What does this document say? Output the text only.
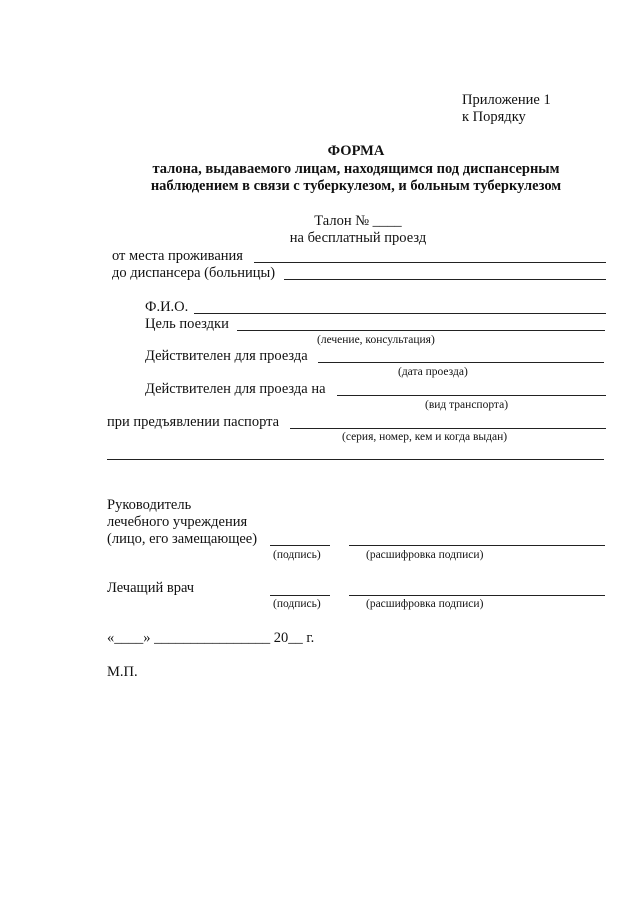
Приложение 1
к Порядку
ФОРМА
талона, выдаваемого лицам, находящимся под диспансерным
наблюдением в связи с туберкулезом, и больным туберкулезом
Талон № ____
на бесплатный проезд
от места проживания
до диспансера (больницы)
Ф.И.О.
Цель поездки
(лечение, консультация)
Действителен для проезда
(дата проезда)
Действителен для проезда на
(вид транспорта)
при предъявлении паспорта
(серия, номер, кем и когда выдан)
Руководитель
лечебного учреждения
(лицо, его замещающее)
(подпись)	(расшифровка подписи)
Лечащий врач
(подпись)	(расшифровка подписи)
«____» ________________ 20__ г.
М.П.
